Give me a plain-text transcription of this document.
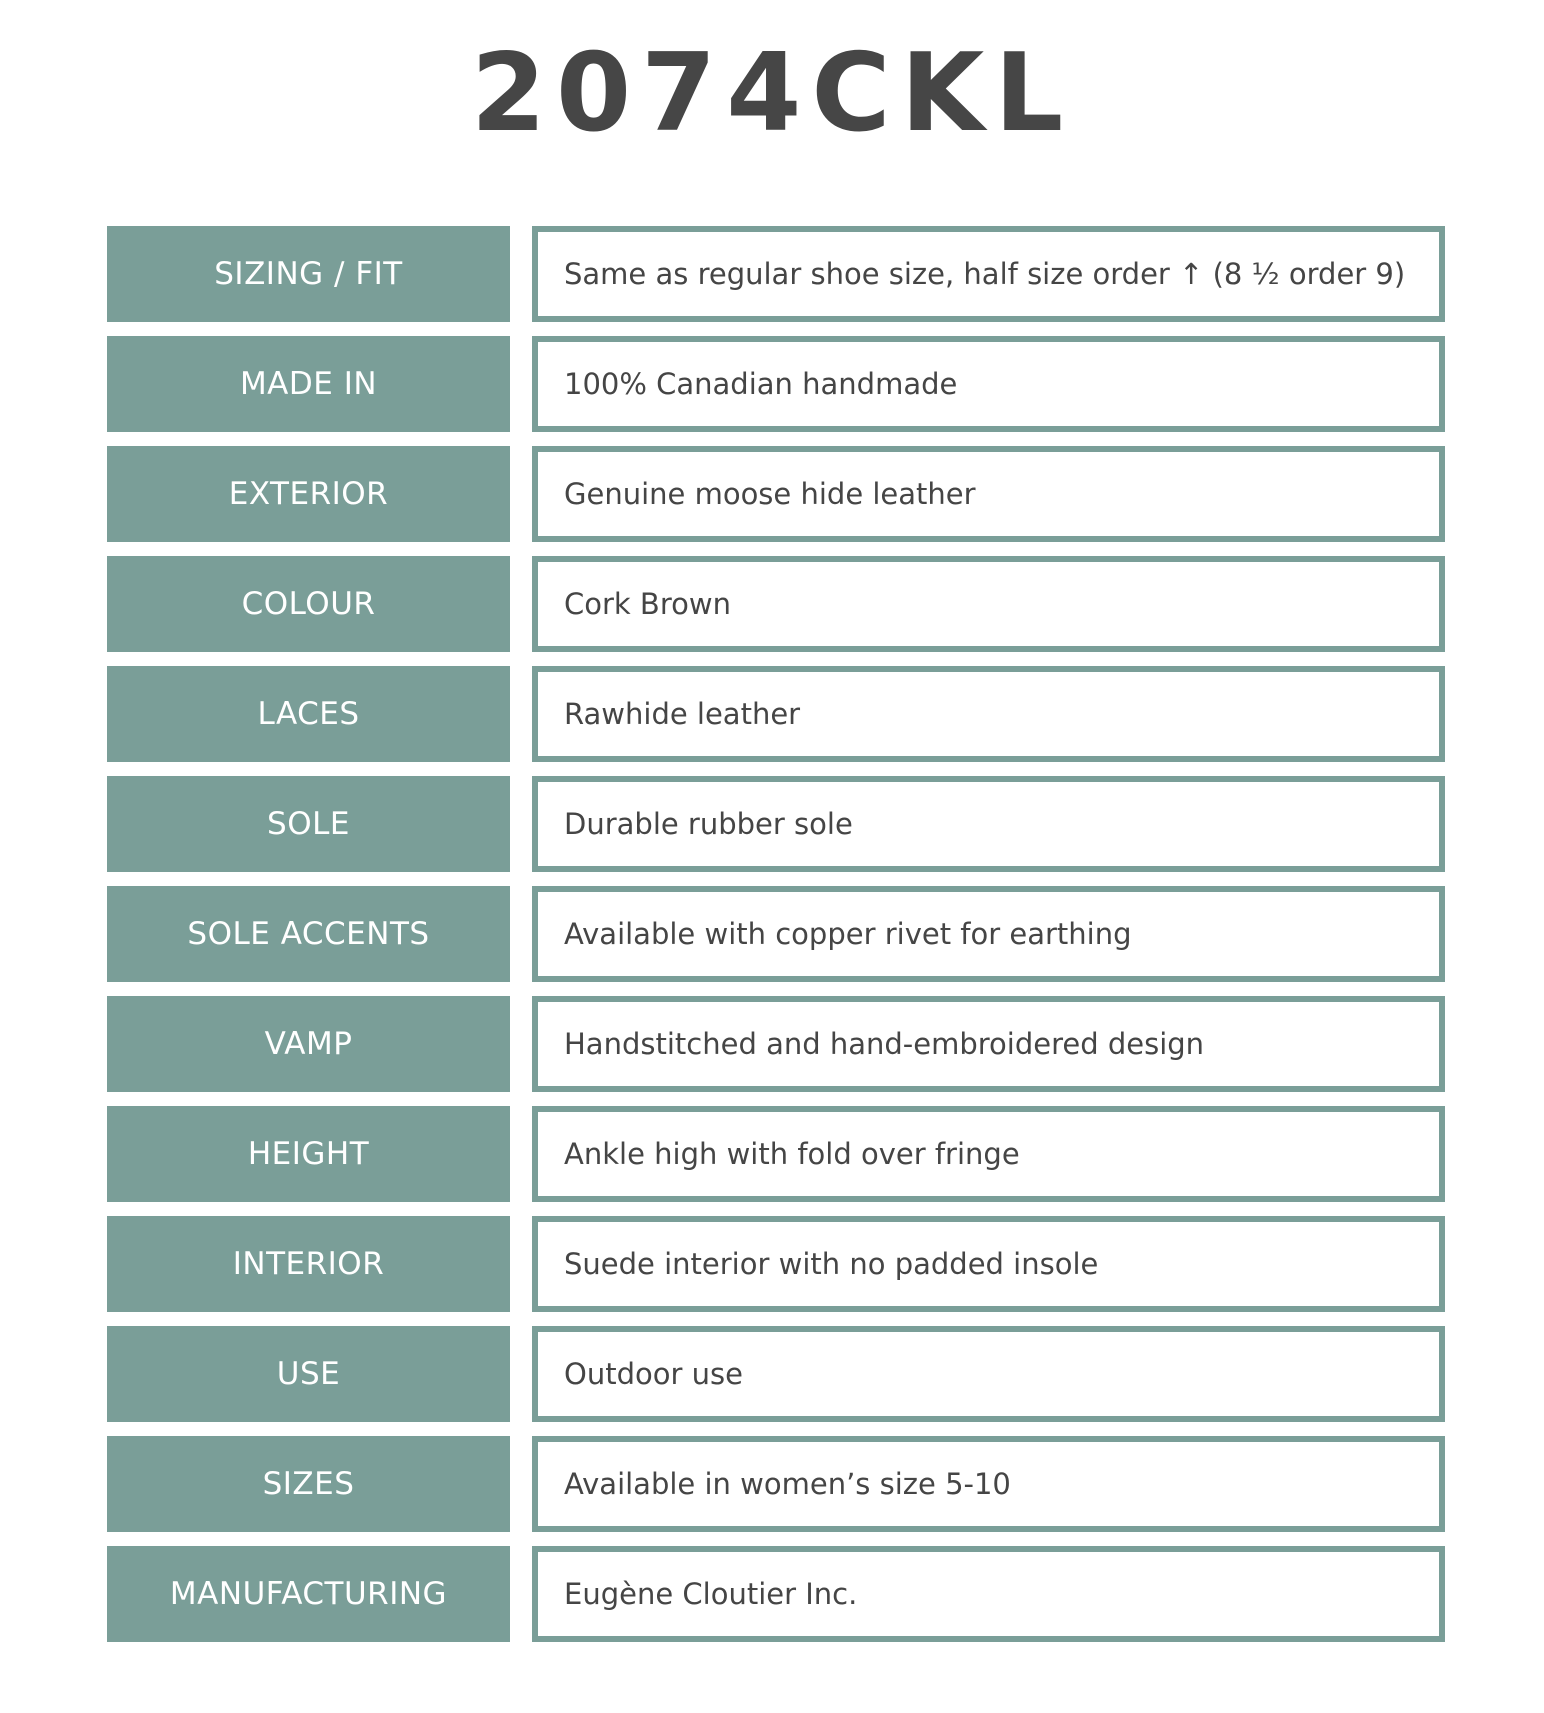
2074CKL
SIZING / FIT	Same as regular shoe size, half size order ↑ (8 ½ order 9)
MADE IN	100% Canadian handmade
EXTERIOR	Genuine moose hide leather
COLOUR	Cork Brown
LACES	Rawhide leather
SOLE	Durable rubber sole
SOLE ACCENTS	Available with copper rivet for earthing
VAMP	Handstitched and hand-embroidered design
HEIGHT	Ankle high with fold over fringe
INTERIOR	Suede interior with no padded insole
USE	Outdoor use
SIZES	Available in women’s size 5-10
MANUFACTURING	Eugène Cloutier Inc.
